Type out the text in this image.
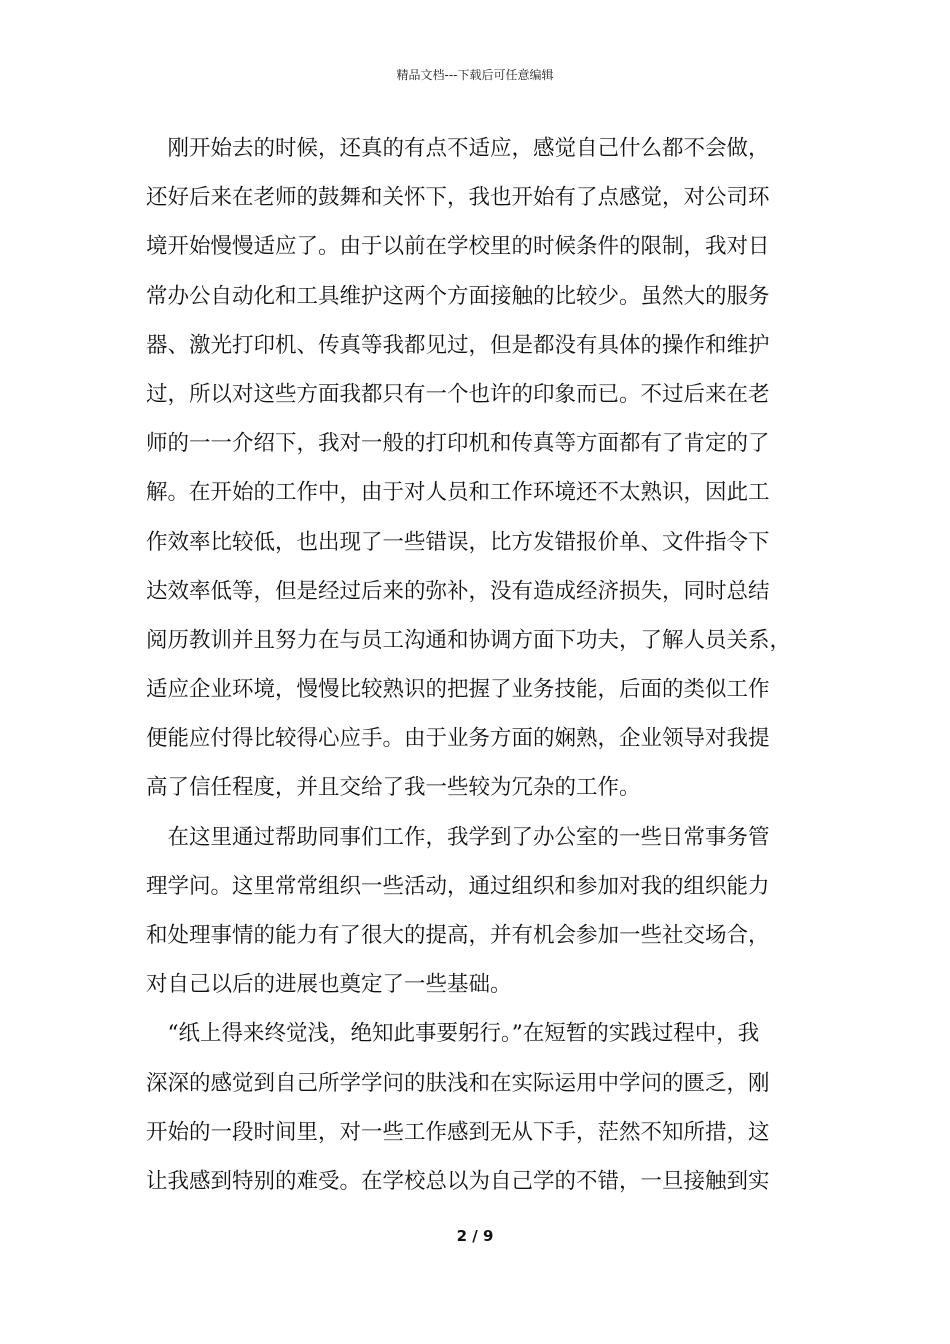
精品文档---下载后可任意编辑
　刚开始去的时候，还真的有点不适应，感觉自己什么都不会做，
还好后来在老师的鼓舞和关怀下，我也开始有了点感觉，对公司环
境开始慢慢适应了。由于以前在学校里的时候条件的限制，我对日
常办公自动化和工具维护这两个方面接触的比较少。虽然大的服务
器、激光打印机、传真等我都见过，但是都没有具体的操作和维护
过，所以对这些方面我都只有一个也许的印象而已。不过后来在老
师的一一介绍下，我对一般的打印机和传真等方面都有了肯定的了
解。在开始的工作中，由于对人员和工作环境还不太熟识，因此工
作效率比较低，也出现了一些错误，比方发错报价单、文件指令下
达效率低等，但是经过后来的弥补，没有造成经济损失，同时总结
阅历教训并且努力在与员工沟通和协调方面下功夫，了解人员关系，
适应企业环境，慢慢比较熟识的把握了业务技能，后面的类似工作
便能应付得比较得心应手。由于业务方面的娴熟，企业领导对我提
高了信任程度，并且交给了我一些较为冗杂的工作。
　在这里通过帮助同事们工作，我学到了办公室的一些日常事务管
理学问。这里常常组织一些活动，通过组织和参加对我的组织能力
和处理事情的能力有了很大的提高，并有机会参加一些社交场合，
对自己以后的进展也奠定了一些基础。
　“纸上得来终觉浅，绝知此事要躬行。”在短暂的实践过程中，我
深深的感觉到自己所学学问的肤浅和在实际运用中学问的匮乏，刚
开始的一段时间里，对一些工作感到无从下手，茫然不知所措，这
让我感到特别的难受。在学校总以为自己学的不错，一旦接触到实
2 / 9
